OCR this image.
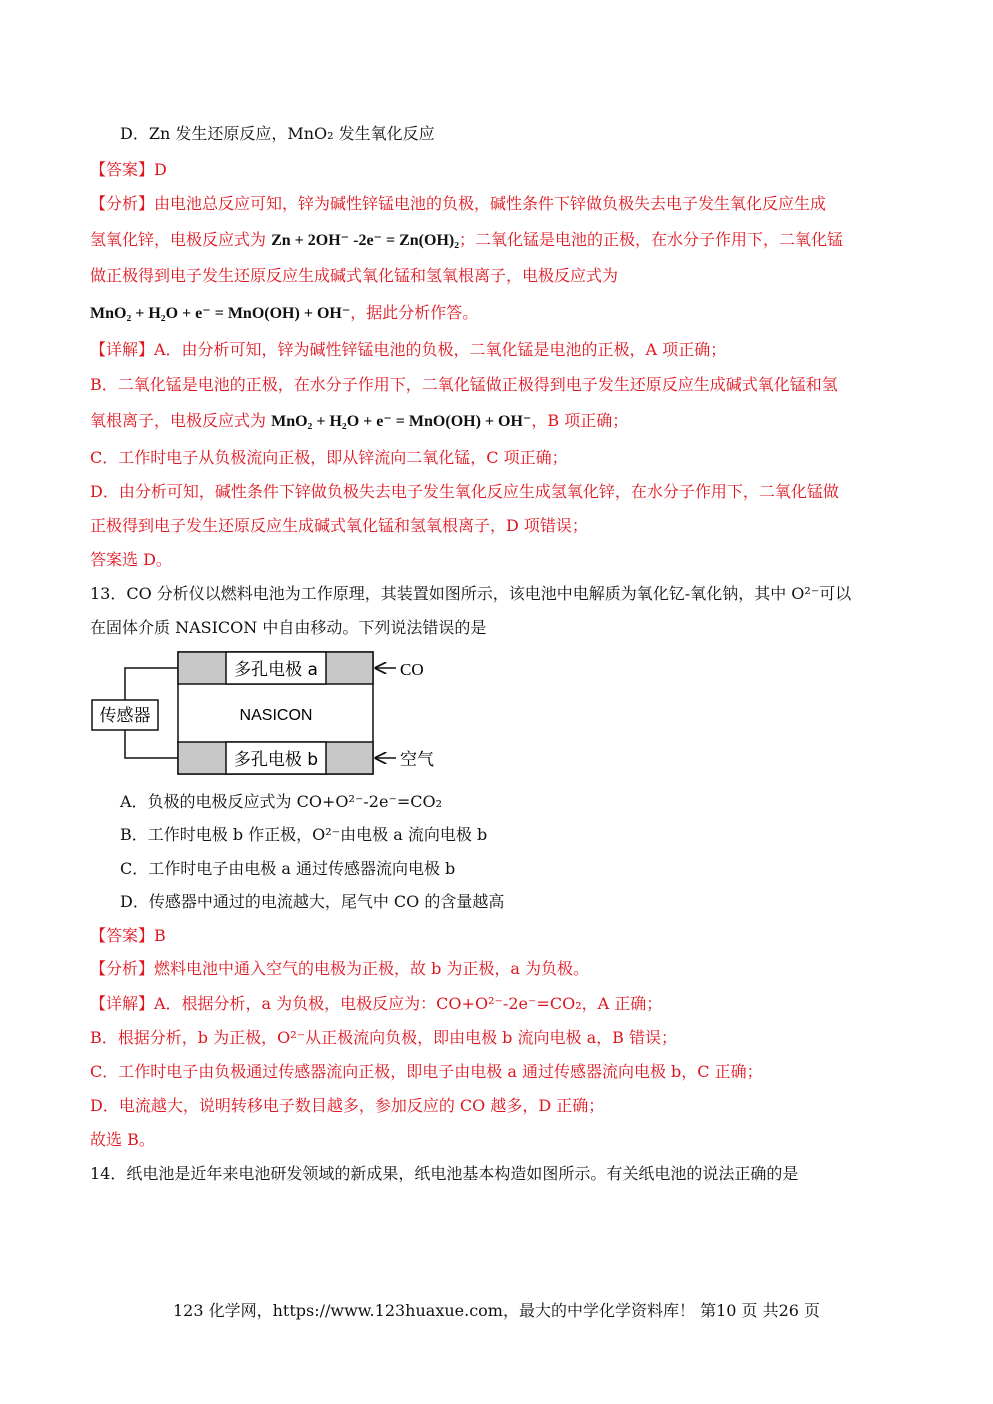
D．Zn 发生还原反应，MnO₂ 发生氧化反应
【答案】D
【分析】由电池总反应可知，锌为碱性锌锰电池的负极，碱性条件下锌做负极失去电子发生氧化反应生成
氢氧化锌，电极反应式为 Zn + 2OH⁻ -2e⁻ = Zn(OH)₂；二氧化锰是电池的正极，在水分子作用下，二氧化锰
做正极得到电子发生还原反应生成碱式氧化锰和氢氧根离子，电极反应式为
MnO₂ + H₂O + e⁻ = MnO(OH) + OH⁻，据此分析作答。
【详解】A．由分析可知，锌为碱性锌锰电池的负极，二氧化锰是电池的正极，A 项正确；
B．二氧化锰是电池的正极，在水分子作用下，二氧化锰做正极得到电子发生还原反应生成碱式氧化锰和氢
氧根离子，电极反应式为 MnO₂ + H₂O + e⁻ = MnO(OH) + OH⁻，B 项正确；
C．工作时电子从负极流向正极，即从锌流向二氧化锰，C 项正确；
D．由分析可知，碱性条件下锌做负极失去电子发生氧化反应生成氢氧化锌，在水分子作用下，二氧化锰做
正极得到电子发生还原反应生成碱式氧化锰和氢氧根离子，D 项错误；
答案选 D。
13．CO 分析仪以燃料电池为工作原理，其装置如图所示，该电池中电解质为氧化钇-氧化钠，其中 O²⁻可以
在固体介质 NASICON 中自由移动。下列说法错误的是
多孔电极 a
多孔电极 b
NASICON
传感器
CO
空气
A．负极的电极反应式为 CO+O²⁻-2e⁻=CO₂
B．工作时电极 b 作正极，O²⁻由电极 a 流向电极 b
C．工作时电子由电极 a 通过传感器流向电极 b
D．传感器中通过的电流越大，尾气中 CO 的含量越高
【答案】B
【分析】燃料电池中通入空气的电极为正极，故 b 为正极，a 为负极。
【详解】A．根据分析，a 为负极，电极反应为：CO+O²⁻-2e⁻=CO₂，A 正确；
B．根据分析，b 为正极，O²⁻从正极流向负极，即由电极 b 流向电极 a，B 错误；
C．工作时电子由负极通过传感器流向正极，即电子由电极 a 通过传感器流向电极 b，C 正确；
D．电流越大，说明转移电子数目越多，参加反应的 CO 越多，D 正确；
故选 B。
14．纸电池是近年来电池研发领域的新成果，纸电池基本构造如图所示。有关纸电池的说法正确的是
123 化学网，https://www.123huaxue.com，最大的中学化学资料库！ 第10 页 共26 页
